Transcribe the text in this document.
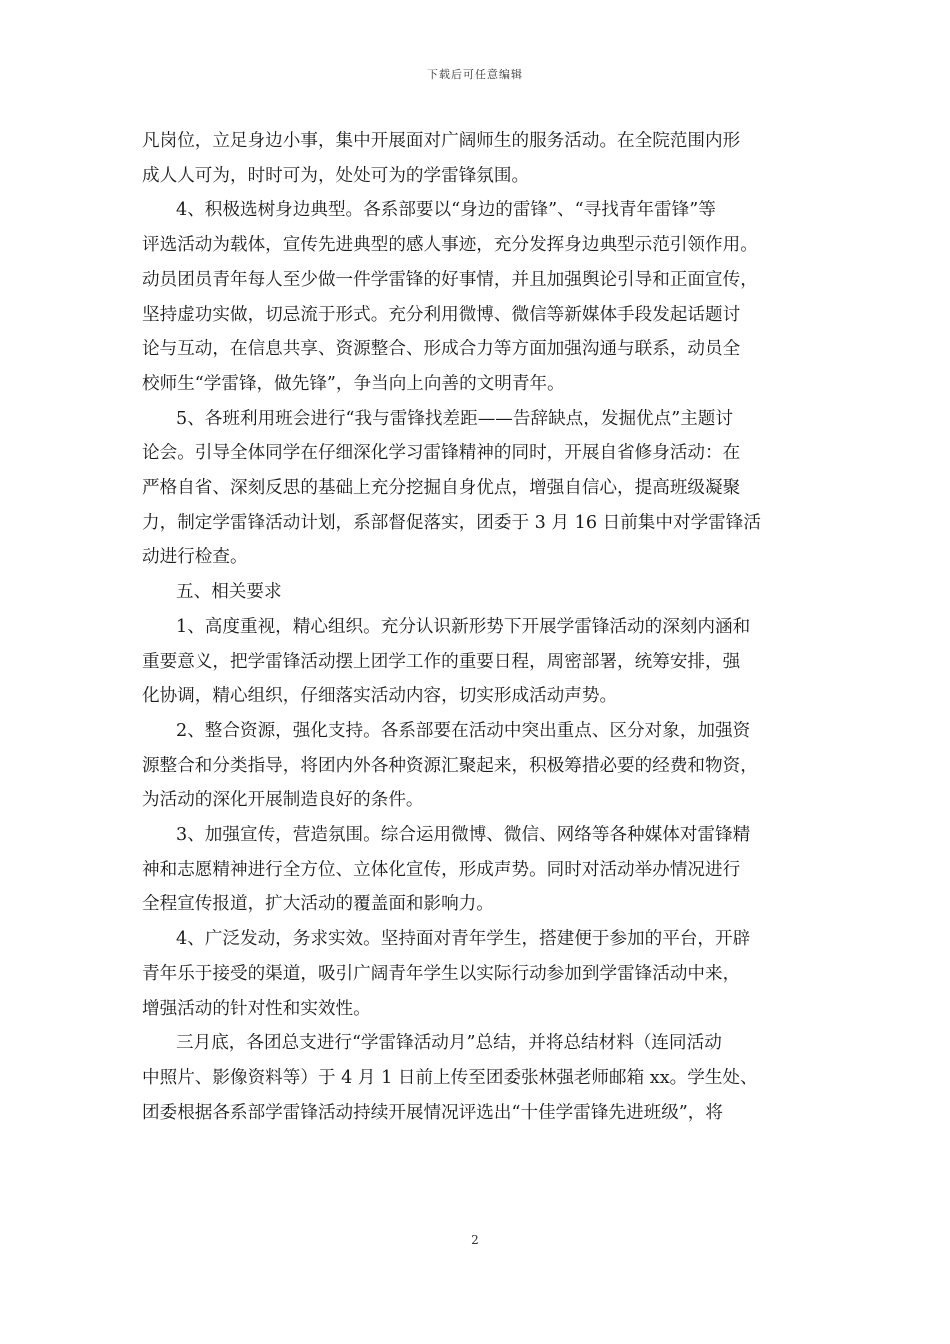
下载后可任意编辑

凡岗位，立足身边小事，集中开展面对广阔师生的服务活动。在全院范围内形

成人人可为，时时可为，处处可为的学雷锋氛围。

4、积极选树身边典型。各系部要以“身边的雷锋”、“寻找青年雷锋”等

评选活动为载体，宣传先进典型的感人事迹，充分发挥身边典型示范引领作用。

动员团员青年每人至少做一件学雷锋的好事情，并且加强舆论引导和正面宣传，

坚持虚功实做，切忌流于形式。充分利用微博、微信等新媒体手段发起话题讨

论与互动，在信息共享、资源整合、形成合力等方面加强沟通与联系，动员全

校师生“学雷锋，做先锋”，争当向上向善的文明青年。

5、各班利用班会进行“我与雷锋找差距——告辞缺点，发掘优点”主题讨

论会。引导全体同学在仔细深化学习雷锋精神的同时，开展自省修身活动：在

严格自省、深刻反思的基础上充分挖掘自身优点，增强自信心，提高班级凝聚

力，制定学雷锋活动计划，系部督促落实，团委于 3 月 16 日前集中对学雷锋活

动进行检查。

五、相关要求

1、高度重视，精心组织。充分认识新形势下开展学雷锋活动的深刻内涵和

重要意义，把学雷锋活动摆上团学工作的重要日程，周密部署，统筹安排，强

化协调，精心组织，仔细落实活动内容，切实形成活动声势。

2、整合资源，强化支持。各系部要在活动中突出重点、区分对象，加强资

源整合和分类指导，将团内外各种资源汇聚起来，积极筹措必要的经费和物资，

为活动的深化开展制造良好的条件。

3、加强宣传，营造氛围。综合运用微博、微信、网络等各种媒体对雷锋精

神和志愿精神进行全方位、立体化宣传，形成声势。同时对活动举办情况进行

全程宣传报道，扩大活动的覆盖面和影响力。

4、广泛发动，务求实效。坚持面对青年学生，搭建便于参加的平台，开辟

青年乐于接受的渠道，吸引广阔青年学生以实际行动参加到学雷锋活动中来，

增强活动的针对性和实效性。

三月底，各团总支进行“学雷锋活动月”总结，并将总结材料（连同活动

中照片、影像资料等）于 4 月 1 日前上传至团委张林强老师邮箱 xx。学生处、

团委根据各系部学雷锋活动持续开展情况评选出“十佳学雷锋先进班级”，将

2
